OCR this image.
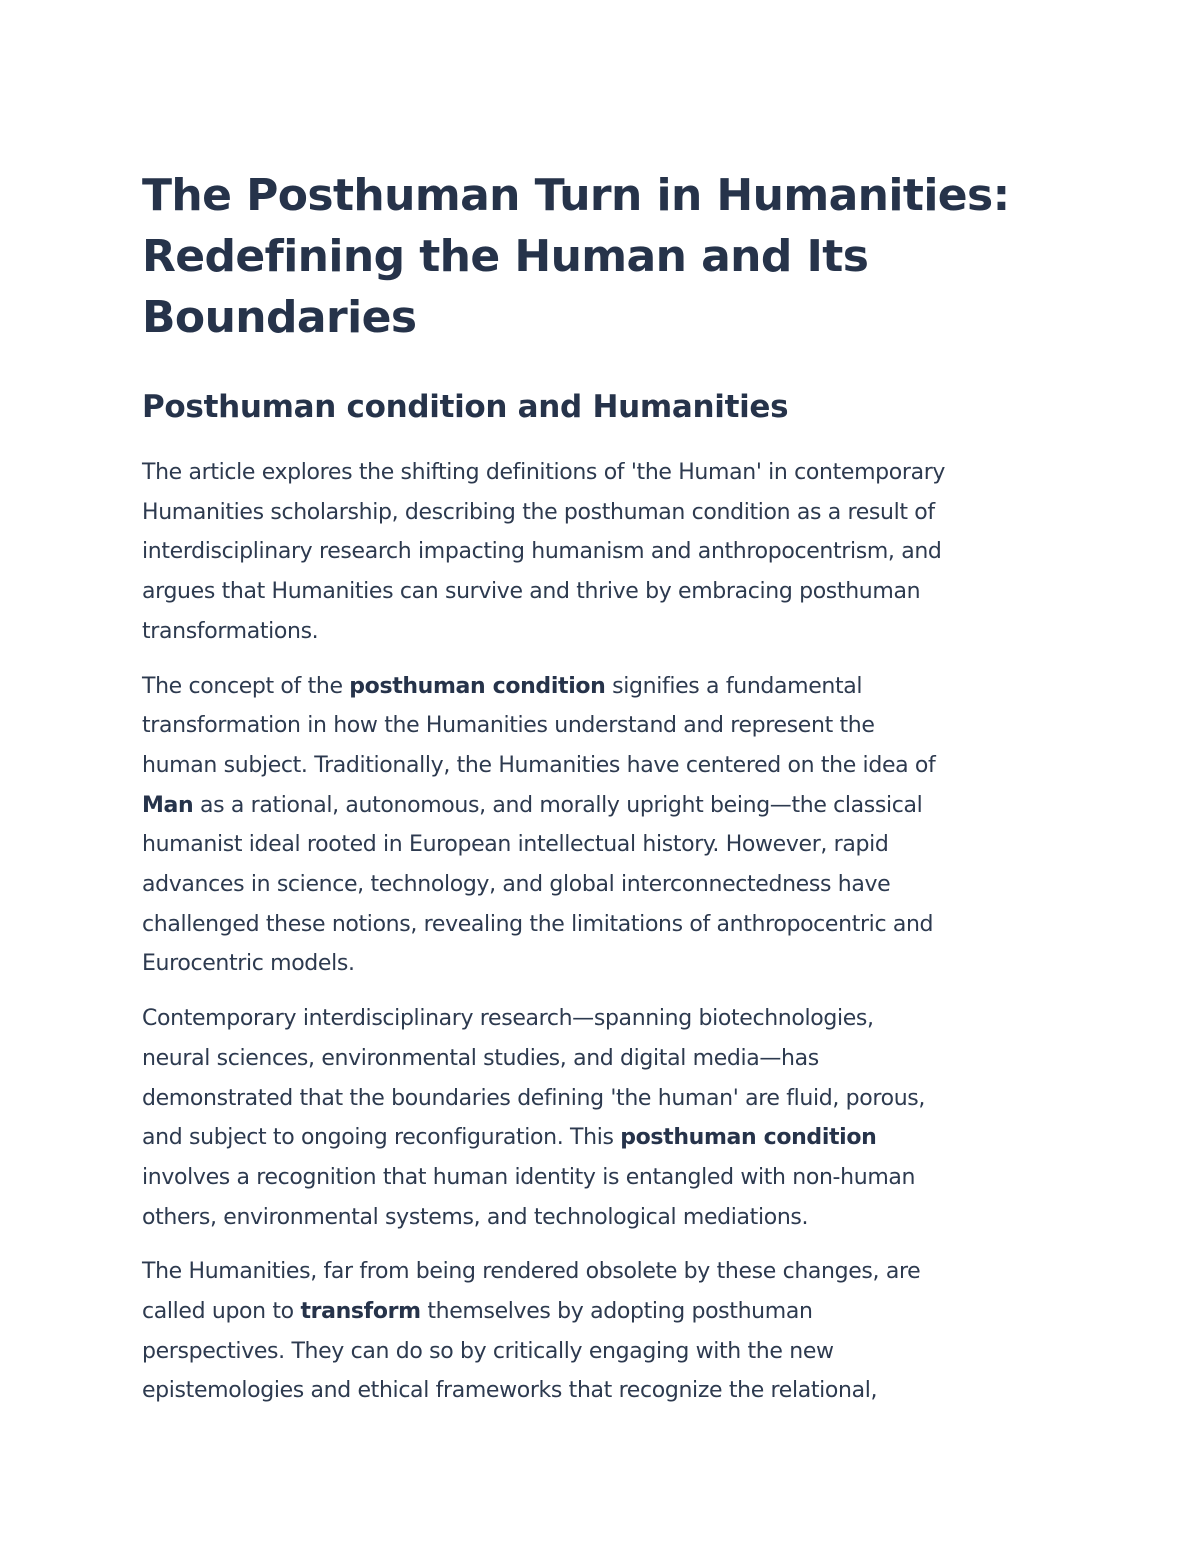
The Posthuman Turn in Humanities:
Redefining the Human and Its
Boundaries
Posthuman condition and Humanities

The article explores the shifting definitions of 'the Human' in contemporary
Humanities scholarship, describing the posthuman condition as a result of
interdisciplinary research impacting humanism and anthropocentrism, and
argues that Humanities can survive and thrive by embracing posthuman
transformations.

The concept of the posthuman condition signifies a fundamental
transformation in how the Humanities understand and represent the
human subject. Traditionally, the Humanities have centered on the idea of
Man as a rational, autonomous, and morally upright being—the classical
humanist ideal rooted in European intellectual history. However, rapid
advances in science, technology, and global interconnectedness have
challenged these notions, revealing the limitations of anthropocentric and
Eurocentric models.

Contemporary interdisciplinary research—spanning biotechnologies,
neural sciences, environmental studies, and digital media—has
demonstrated that the boundaries defining 'the human' are fluid, porous,
and subject to ongoing reconfiguration. This posthuman condition
involves a recognition that human identity is entangled with non-human
others, environmental systems, and technological mediations.

The Humanities, far from being rendered obsolete by these changes, are
called upon to transform themselves by adopting posthuman
perspectives. They can do so by critically engaging with the new
epistemologies and ethical frameworks that recognize the relational,
